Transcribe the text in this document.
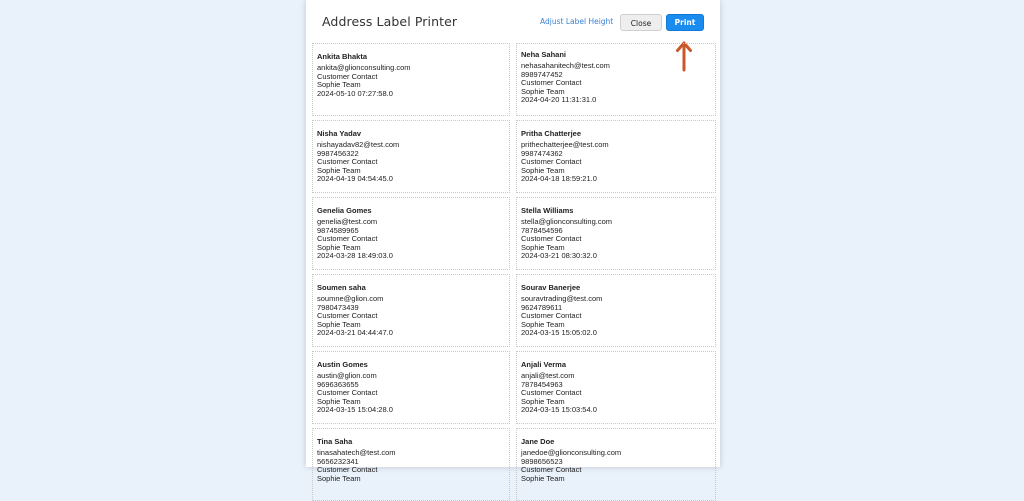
Address Label Printer	Adjust Label Height	Close	Print
Ankita Bhakta
ankita@glionconsulting.com
Customer Contact
Sophie Team
2024-05-10 07:27:58.0
Neha Sahani
nehasahanitech@test.com
8989747452
Customer Contact
Sophie Team
2024-04-20 11:31:31.0
Nisha Yadav
nishayadav82@test.com
9987456322
Customer Contact
Sophie Team
2024-04-19 04:54:45.0
Pritha Chatterjee
prithechatterjee@test.com
9987474362
Customer Contact
Sophie Team
2024-04-18 18:59:21.0
Genelia Gomes
genelia@test.com
9874589965
Customer Contact
Sophie Team
2024-03-28 18:49:03.0
Stella Williams
stella@glionconsulting.com
7878454596
Customer Contact
Sophie Team
2024-03-21 08:30:32.0
Soumen saha
soumne@glion.com
7980473439
Customer Contact
Sophie Team
2024-03-21 04:44:47.0
Sourav Banerjee
souravtrading@test.com
9624789611
Customer Contact
Sophie Team
2024-03-15 15:05:02.0
Austin Gomes
austin@glion.com
9696363655
Customer Contact
Sophie Team
2024-03-15 15:04:28.0
Anjali Verma
anjali@test.com
7878454963
Customer Contact
Sophie Team
2024-03-15 15:03:54.0
Tina Saha
tinasahatech@test.com
5656232341
Customer Contact
Sophie Team
Jane Doe
janedoe@glionconsulting.com
9898656523
Customer Contact
Sophie Team
